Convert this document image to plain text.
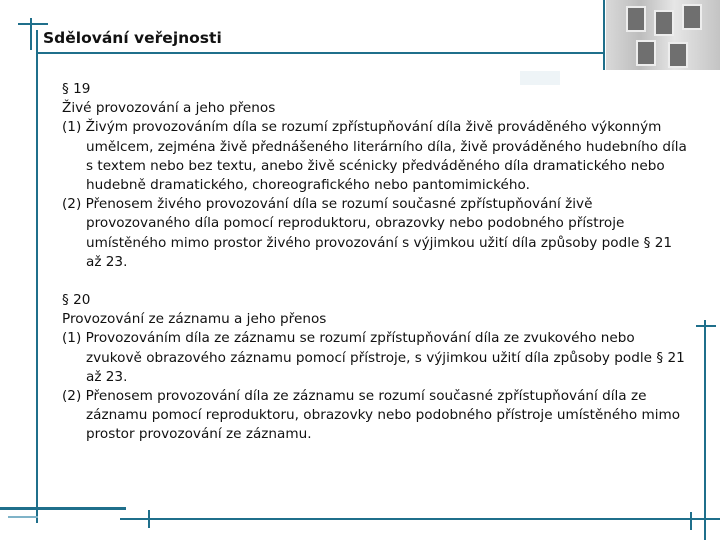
Sdělování veřejnosti

§ 19

Živé provozování a jeho přenos

(1) Živým provozováním díla se rozumí zpřístupňování díla živě prováděného výkonným umělcem, zejména živě přednášeného literárního díla, živě prováděného hudebního díla s textem nebo bez textu, anebo živě scénicky předváděného díla dramatického nebo hudebně dramatického, choreografického nebo pantomimického.

(2) Přenosem živého provozování díla se rozumí současné zpřístupňování živě provozovaného díla pomocí reproduktoru, obrazovky nebo podobného přístroje umístěného mimo prostor živého provozování s výjimkou užití díla způsoby podle § 21 až 23.

§ 20

Provozování ze záznamu a jeho přenos

(1) Provozováním díla ze záznamu se rozumí zpřístupňování díla ze zvukového nebo zvukově obrazového záznamu pomocí přístroje, s výjimkou užití díla způsoby podle § 21 až 23.

(2) Přenosem provozování díla ze záznamu se rozumí současné zpřístupňování díla ze záznamu pomocí reproduktoru, obrazovky nebo podobného přístroje umístěného mimo prostor provozování ze záznamu.
